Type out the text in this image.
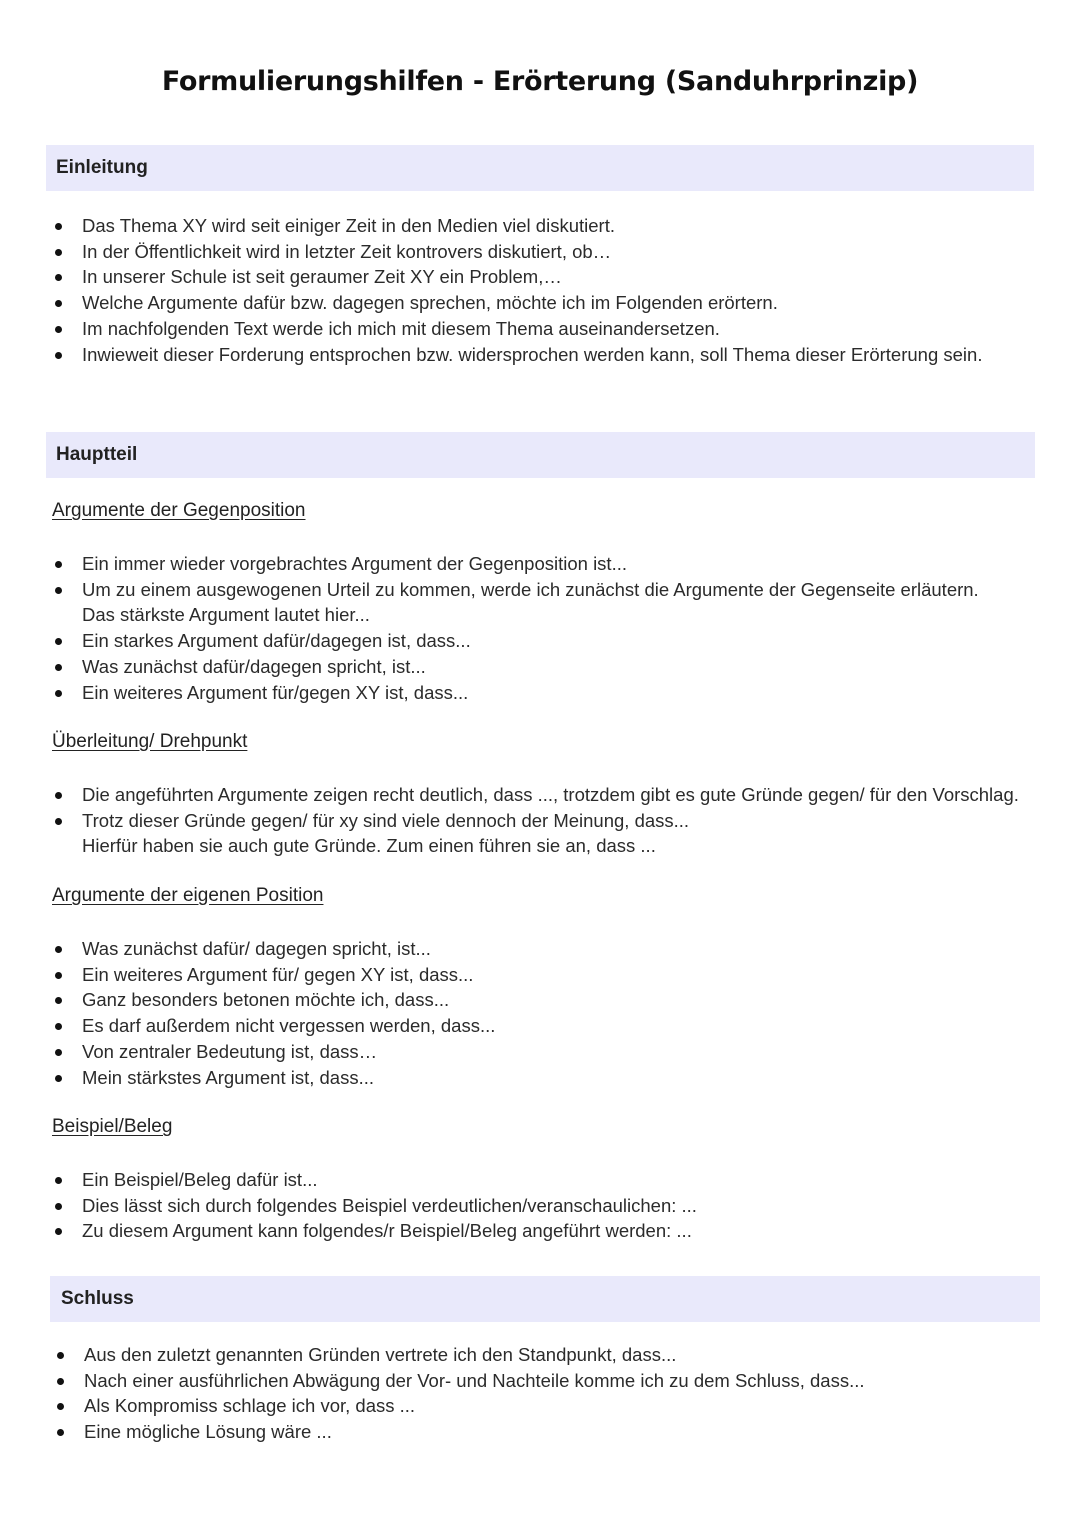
Formulierungshilfen - Erörterung (Sanduhrprinzip)
Einleitung
Das Thema XY wird seit einiger Zeit in den Medien viel diskutiert.
In der Öffentlichkeit wird in letzter Zeit kontrovers diskutiert, ob…
In unserer Schule ist seit geraumer Zeit XY ein Problem,…
Welche Argumente dafür bzw. dagegen sprechen, möchte ich im Folgenden erörtern.
Im nachfolgenden Text werde ich mich mit diesem Thema auseinandersetzen.
Inwieweit dieser Forderung entsprochen bzw. widersprochen werden kann, soll Thema dieser Erörterung sein.
Hauptteil
Argumente der Gegenposition
Ein immer wieder vorgebrachtes Argument der Gegenposition ist...
Um zu einem ausgewogenen Urteil zu kommen, werde ich zunächst die Argumente der Gegenseite erläutern.
Das stärkste Argument lautet hier...
Ein starkes Argument dafür/dagegen ist, dass...
Was zunächst dafür/dagegen spricht, ist...
Ein weiteres Argument für/gegen XY ist, dass...
Überleitung/ Drehpunkt
Die angeführten Argumente zeigen recht deutlich, dass ..., trotzdem gibt es gute Gründe gegen/ für den Vorschlag.
Trotz dieser Gründe gegen/ für xy sind viele dennoch der Meinung, dass...
Hierfür haben sie auch gute Gründe. Zum einen führen sie an, dass ...
Argumente der eigenen Position
Was zunächst dafür/ dagegen spricht, ist...
Ein weiteres Argument für/ gegen XY ist, dass...
Ganz besonders betonen möchte ich, dass...
Es darf außerdem nicht vergessen werden, dass...
Von zentraler Bedeutung ist, dass…
Mein stärkstes Argument ist, dass...
Beispiel/Beleg
Ein Beispiel/Beleg dafür ist...
Dies lässt sich durch folgendes Beispiel verdeutlichen/veranschaulichen: ...
Zu diesem Argument kann folgendes/r Beispiel/Beleg angeführt werden: ...
Schluss
Aus den zuletzt genannten Gründen vertrete ich den Standpunkt, dass...
Nach einer ausführlichen Abwägung der Vor- und Nachteile komme ich zu dem Schluss, dass...
Als Kompromiss schlage ich vor, dass ...
Eine mögliche Lösung wäre ...
